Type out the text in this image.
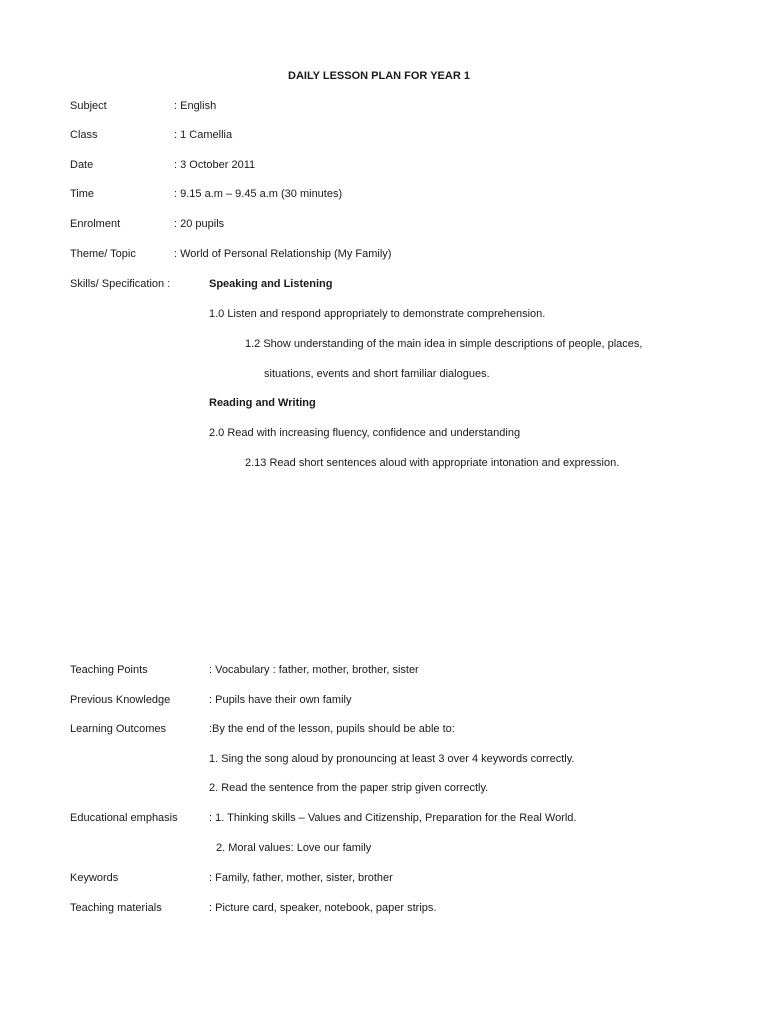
DAILY LESSON PLAN FOR YEAR 1
Subject	: English
Class	: 1 Camellia
Date	: 3 October 2011
Time	: 9.15 a.m – 9.45 a.m (30 minutes)
Enrolment	: 20 pupils
Theme/ Topic	: World of Personal Relationship (My Family)
Skills/ Specification :	Speaking and Listening
1.0 Listen and respond appropriately to demonstrate comprehension.
1.2 Show understanding of the main idea in simple descriptions of people, places,
situations, events and short familiar dialogues.
Reading and Writing
2.0 Read with increasing fluency, confidence and understanding
2.13 Read short sentences aloud with appropriate intonation and expression.
Teaching Points	: Vocabulary : father, mother, brother, sister
Previous Knowledge	: Pupils have their own family
Learning Outcomes	:By the end of the lesson, pupils should be able to:
1. Sing the song aloud by pronouncing at least 3 over 4 keywords correctly.
2. Read the sentence from the paper strip given correctly.
Educational emphasis	: 1. Thinking skills – Values and Citizenship, Preparation for the Real World.
2. Moral values: Love our family
Keywords	: Family, father, mother, sister, brother
Teaching materials	: Picture card, speaker, notebook, paper strips.
